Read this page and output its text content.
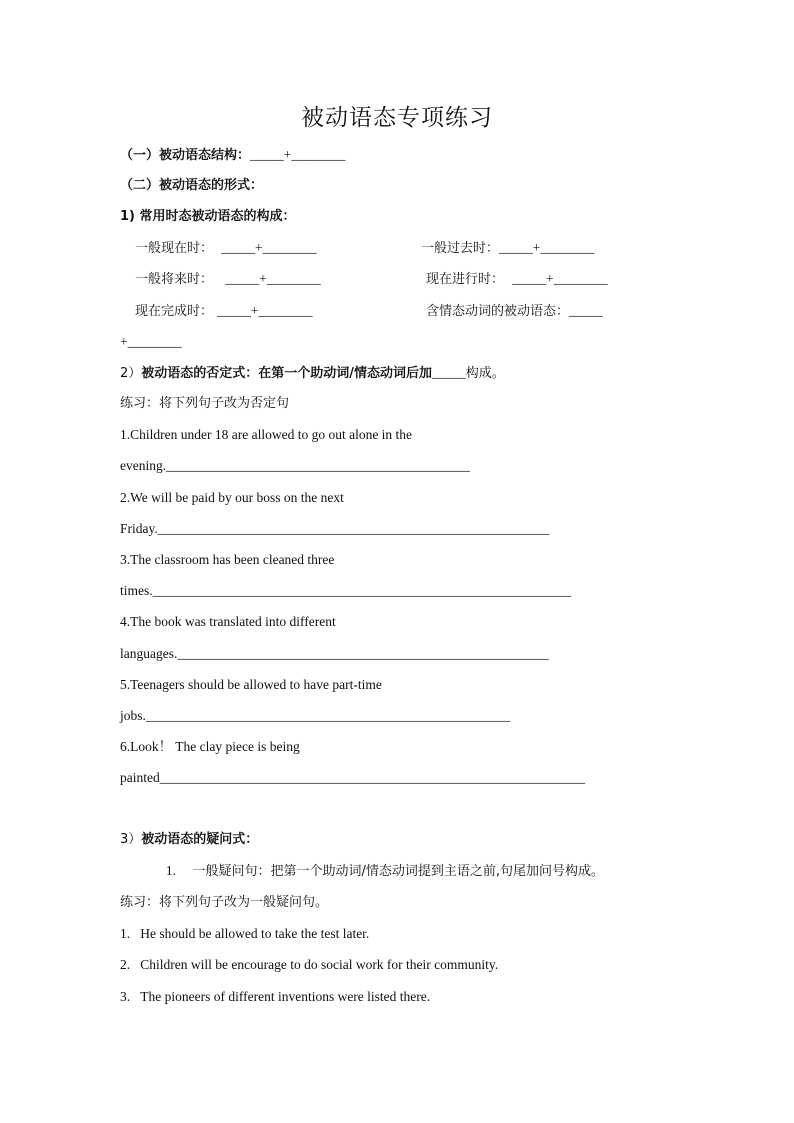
被动语态专项练习
（一）被动语态结构：_____+________
（二）被动语态的形式：
1) 常用时态被动语态的构成：
一般现在时： _____+________	一般过去时：_____+________
一般将来时： _____+________	现在进行时： _____+________
现在完成时： _____+________	含情态动词的被动语态：_____
+________
2）被动语态的否定式：在第一个助动词/情态动词后加_____构成。
练习：将下列句子改为否定句
1.Children under 18 are allowed to go out alone in the
evening._____________________________________________
2.We will be paid by our boss on the next
Friday.__________________________________________________________
3.The classroom has been cleaned three
times.______________________________________________________________
4.The book was translated into different
languages._______________________________________________________
5.Teenagers should be allowed to have part-time
jobs.______________________________________________________
6.Look！ The clay piece is being
painted_______________________________________________________________
3）被动语态的疑问式：
1. 一般疑问句：把第一个助动词/情态动词提到主语之前,句尾加问号构成。
练习：将下列句子改为一般疑问句。
1. He should be allowed to take the test later.
2. Children will be encourage to do social work for their community.
3. The pioneers of different inventions were listed there.
